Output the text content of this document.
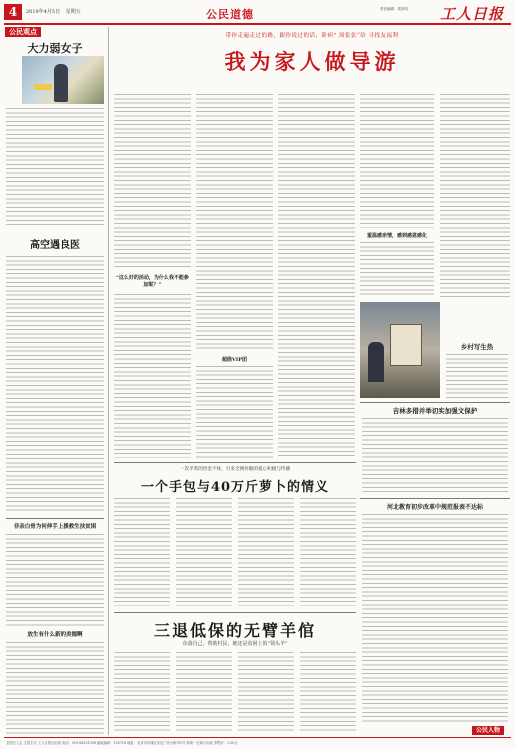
4	2019年4月5日 星期五	公民道德	责任编辑：郑晋鸣 工人日报
公民观点
大力弱女子
高空遇良医
非亲白骨为何伸手上援救生扶贫困
放生有什么新的美德啊
带你走遍走过的路，跟你说过的话，卧病” 周张张“给 寻找友福利
我为家人做导游
“这么好的活动，为什么我不能参加呢？”
超级VIP团
重温感亲情，感到感恩感化
乡村写生热
吉林多措并举切实加强文保护
河北教育初步改革中规范报表不达标
一次平常的捡金不休，引来全网亮眼的爱心积极与传播
一个手包与40万斤萝卜的情义
三退低保的无臂羊倌
东落自己，帮助村民，她还是贫困上的“领头羊”
公民人物
全国总工会 主管主办 工人日报社出版 电话：010-84151598 邮政编码：100718 地址：北京市东城区安定门外大街甲1号 每周一至周六出版 零售价：1.50元
